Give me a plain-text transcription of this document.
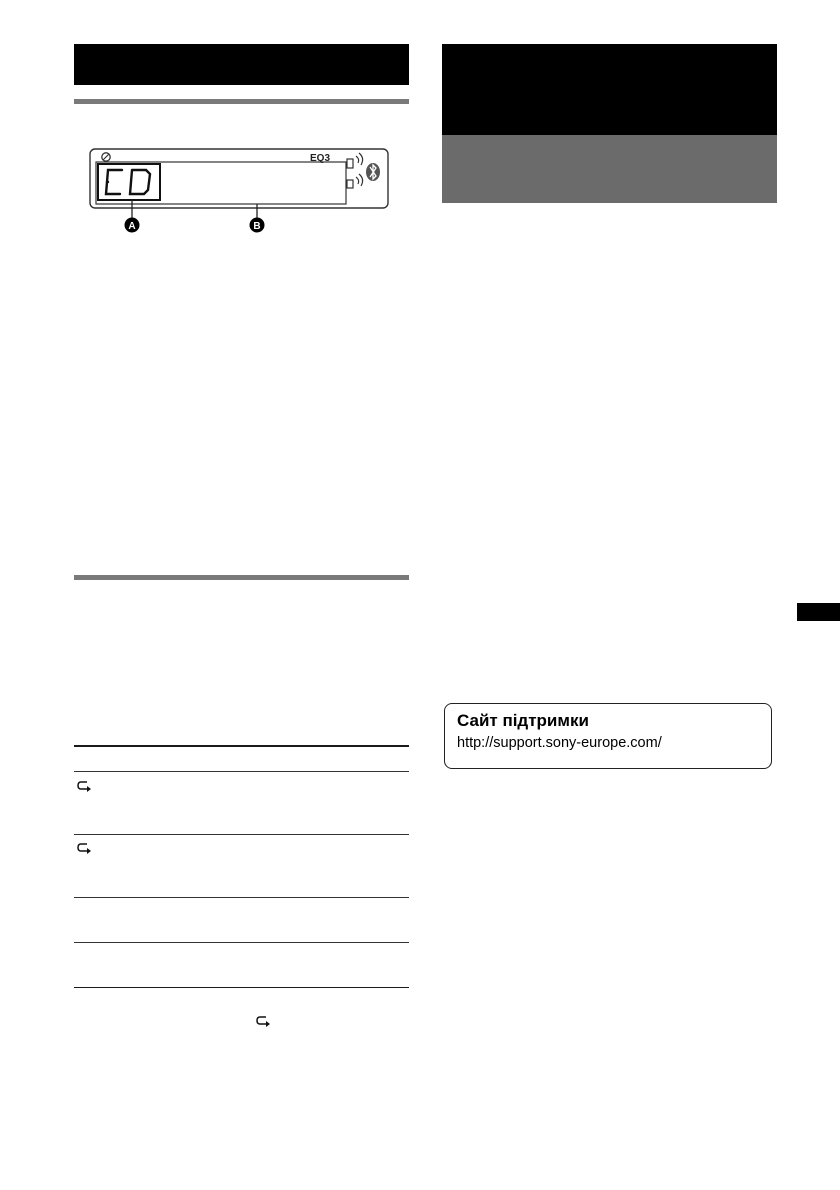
CD
EQ3
A	B
Сайт підтримки
http://support.sony-europe.com/
